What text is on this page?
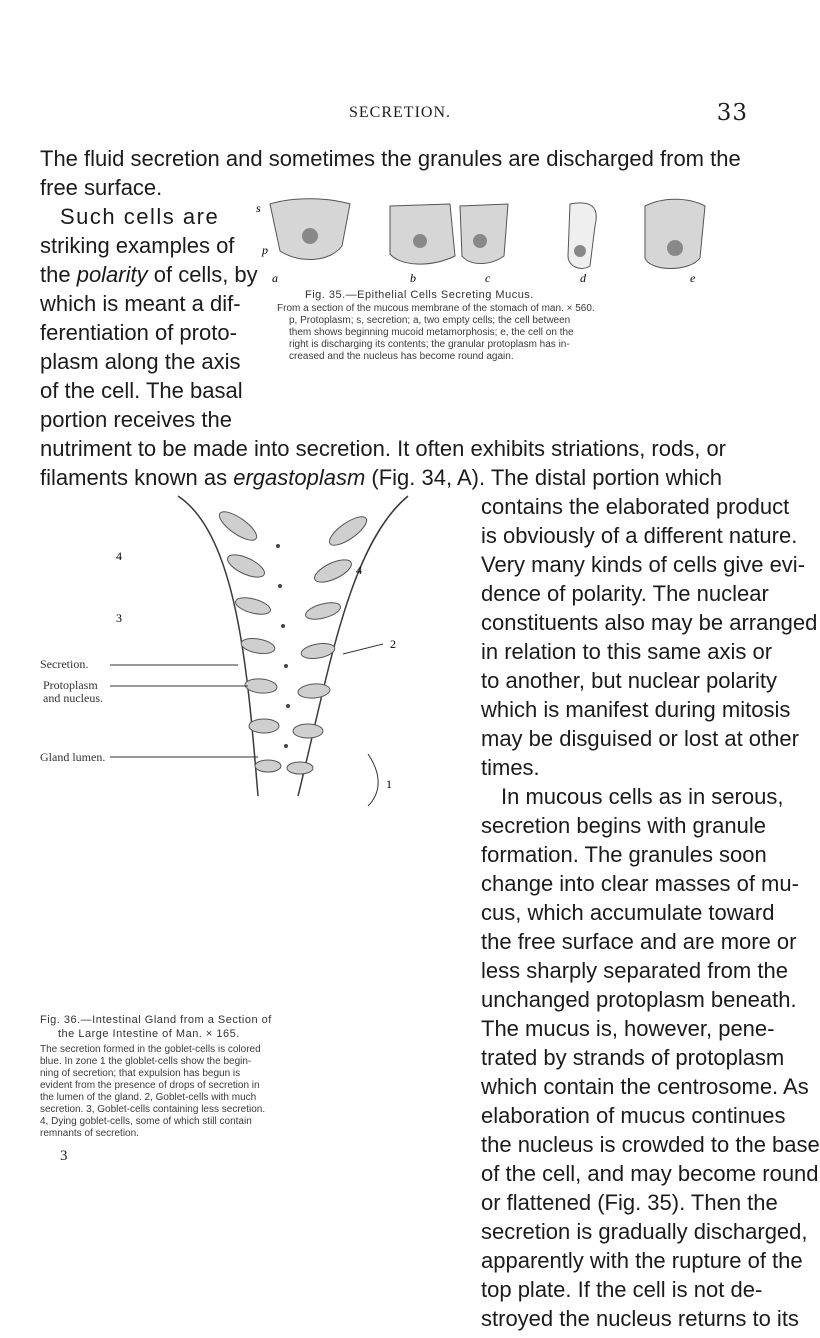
SECRETION.	33
The fluid secretion and sometimes the granules are discharged from the
free surface.
Such cells are
striking examples of
the polarity of cells, by
which is meant a dif-
ferentiation of proto-
plasm along the axis
of the cell. The basal
portion receives the
nutriment to be made into secretion. It often exhibits striations, rods, or
filaments known as ergastoplasm (Fig. 34, A). The distal portion which
a	b	c	d	e
s
p
Fig. 35.—Epithelial Cells Secreting Mucus.
From a section of the mucous membrane of the stomach of man. × 560.
p, Protoplasm; s, secretion; a, two empty cells; the cell between
them shows beginning mucoid metamorphosis; e, the cell on the
right is discharging its contents; the granular protoplasm has in-
creased and the nucleus has become round again.
contains the elaborated product
is obviously of a different nature.
Very many kinds of cells give evi-
dence of polarity. The nuclear
constituents also may be arranged
in relation to this same axis or
to another, but nuclear polarity
which is manifest during mitosis
may be disguised or lost at other
times.
In mucous cells as in serous,
secretion begins with granule
formation. The granules soon
change into clear masses of mu-
cus, which accumulate toward
the free surface and are more or
less sharply separated from the
unchanged protoplasm beneath.
The mucus is, however, pene-
trated by strands of protoplasm
which contain the centrosome. As
elaboration of mucus continues
the nucleus is crowded to the base
of the cell, and may become round
or flattened (Fig. 35). Then the
secretion is gradually discharged,
apparently with the rupture of the
top plate. If the cell is not de-
stroyed the nucleus returns to its
4
3
4
2
1
Secretion.
Protoplasm
and nucleus.
Gland lumen.
Fig. 36.—Intestinal Gland from a Section of
the Large Intestine of Man. × 165.
The secretion formed in the goblet-cells is colored
blue. In zone 1 the globlet-cells show the begin-
ning of secretion; that expulsion has begun is
evident from the presence of drops of secretion in
the lumen of the gland. 2, Goblet-cells with much
secretion. 3, Goblet-cells containing less secretion.
4, Dying goblet-cells, some of which still contain
remnants of secretion.
3
